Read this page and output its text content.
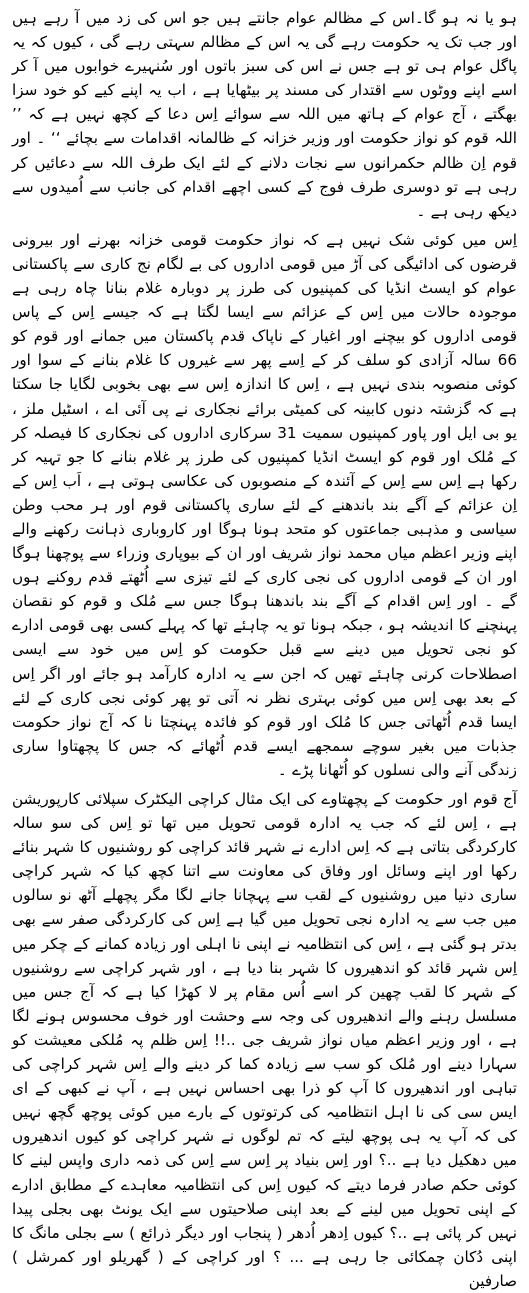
ہو یا نہ ہو گا۔اس کے مظالم عوام جانتے ہیں جو اس کی زد میں آ رہے ہیں اور جب تک یہ حکومت رہے گی یہ اس کے مظالم سہتی رہے گی ، کیوں کہ یہ پاگل عوام ہی تو ہے جس نے اس کی سبز باتوں اور سُنہیرے خوابوں میں آ کر اسے اپنے ووٹوں سے اقتدار کی مسند پر بیٹھایا ہے ، اب یہ اپنے کیے کو خود سزا بھگتے ، آج عوام کے ہاتھ میں اللہ سے سوائے اِس دعا کے کچھ نہیں ہے کہ ’’ اللہ قوم کو نواز حکومت اور وزیر خزانہ کے ظالمانہ اقدامات سے بچائے ‘‘ ۔ اور قوم اِن ظالم حکمرانوں سے نجات دلانے کے لئے ایک طرف اللہ سے دعائیں کر رہی ہے تو دوسری طرف فوج کے کسی اچھے اقدام کی جانب سے اُمیدوں سے دیکھ رہی ہے ۔

اِس میں کوئی شک نہیں ہے کہ نواز حکومت قومی خزانہ بھرنے اور بیرونی قرضوں کی ادائیگی کی آڑ میں قومی اداروں کی بے لگام نج کاری سے پاکستانی عوام کو ایسٹ انڈیا کی کمپنیوں کی طرز پر دوبارہ غلام بنانا چاہ رہی ہے موجودہ حالات میں اِس کے عزائم سے ایسا لگتا ہے کہ جیسے اِس کے پاس قومی اداروں کو بیچنے اور اغیار کے ناپاک قدم پاکستان میں جمانے اور قوم کو 66 سالہ آزادی کو سلف کر کے اِسے پھر سے غیروں کا غلام بنانے کے سوا اور کوئی منصوبہ بندی نہیں ہے ، اِس کا اندازہ اِس سے بھی بخوبی لگایا جا سکتا ہے کہ گزشتہ دنوں کابینہ کی کمیٹی برائے نجکاری نے پی آئی اے ، اسٹیل ملز ، یو بی ایل اور پاور کمپنیوں سمیت 31 سرکاری اداروں کی نجکاری کا فیصلہ کر کے مُلک اور قوم کو ایسٹ انڈیا کمپنیوں کی طرز پر غلام بنانے کا جو تہیہ کر رکھا ہے اِس سے اِس کے آئندہ کے منصوبوں کی عکاسی ہوتی ہے ، اَب اِس کے اِن عزائم کے آگے بند باندھنے کے لئے ساری پاکستانی قوم اور ہر محب وطن سیاسی و مذہبی جماعتوں کو متحد ہونا ہوگا اور کاروباری ذہانت رکھنے والے اپنے وزیر اعظم میاں محمد نواز شریف اور ان کے بیوپاری وزراء سے پوچھنا ہوگا اور ان کے قومی اداروں کی نجی کاری کے لئے تیزی سے اُٹھتے قدم روکنے ہوں گے ۔ اور اِس اقدام کے آگے بند باندھنا ہوگا جس سے مُلک و قوم کو نقصان پہنچنے کا اندیشہ ہو ، جبکہ ہونا تو یہ چاہئے تھا کہ پہلے کسی بھی قومی ادارے کو نجی تحویل میں دینے سے قبل حکومت کو اِس میں خود سے ایسی اصطلاحات کرنی چاہئے تھیں کہ اجن سے یہ ادارہ کارآمد ہو جائے اور اگر اِس کے بعد بھی اِس میں کوئی بہتری نظر نہ آتی تو پھر کوئی نجی کاری کے لئے ایسا قدم اُٹھاتی جس کا مُلک اور قوم کو فائدہ پہنچتا نا کہ آج نواز حکومت جذبات میں بغیر سوچے سمجھے ایسے قدم اُٹھائے کہ جس کا پچھتاوا ساری زندگی آنے والی نسلوں کو اُٹھانا پڑے ۔

آج قوم اور حکومت کے پچھتاوے کی ایک مثال کراچی الیکٹرک سپلائی کارپوریشن ہے ، اِس لئے کہ جب یہ ادارہ قومی تحویل میں تھا تو اِس کی سو سالہ کارکردگی بتاتی ہے کہ اِس ادارے نے شہر قائد کراچی کو روشنیوں کا شہر بنائے رکھا اور اپنے وسائل اور وفاق کی معاونت سے اتنا کچھ کیا کہ شہر کراچی ساری دنیا میں روشنیوں کے لقب سے پہچانا جانے لگا مگر پچھلے آٹھ نو سالوں میں جب سے یہ ادارہ نجی تحویل میں گیا ہے اِس کی کارکردگی صفر سے بھی بدتر ہو گئی ہے ، اِس کی انتظامیہ نے اپنی نا اہلی اور زیادہ کمانے کے چکر میں اِس شہر قائد کو اندھیروں کا شہر بنا دیا ہے ، اور شہر کراچی سے روشنیوں کے شہر کا لقب چھین کر اسے اُس مقام پر لا کھڑا کیا ہے کہ آج جس میں مسلسل رہنے والے اندھیروں کی وجہ سے وحشت اور خوف محسوس ہونے لگا ہے ، اور وزیر اعظم میاں نواز شریف جی ..!! اِس ظلم پہ مُلکی معیشت کو سہارا دینے اور مُلک کو سب سے زیادہ کما کر دینے والے اِس شہر کراچی کی تباہی اور اندھیروں کا آپ کو ذرا بھی احساس نہیں ہے ، آپ نے کبھی کے ای ایس سی کی نا اہل انتظامیہ کی کرتوتوں کے بارے میں کوئی پوچھ گچھ نہیں کی کہ آپ یہ ہی پوچھ لیتے کہ تم لوگوں نے شہر کراچی کو کیوں اندھیروں میں دھکیل دیا ہے ..؟ اور اِس بنیاد پر اِس سے اِس کی ذمہ داری واپس لینے کا کوئی حکم صادر فرما دیتے کہ کیوں اِس کی انتظامیہ معاہدے کے مطابق ادارے کے اپنی تحویل میں لینے کے بعد اپنی صلاحیتوں سے ایک یونٹ بھی بجلی پیدا نہیں کر پائی ہے ..؟ کیوں اِدھر اُدھر ( پنجاب اور دیگر ذرائع ) سے بجلی مانگ کا اپنی دُکان چمکائی جا رہی ہے ... ؟ اور کراچی کے ( گھریلو اور کمرشل ) صارفین
